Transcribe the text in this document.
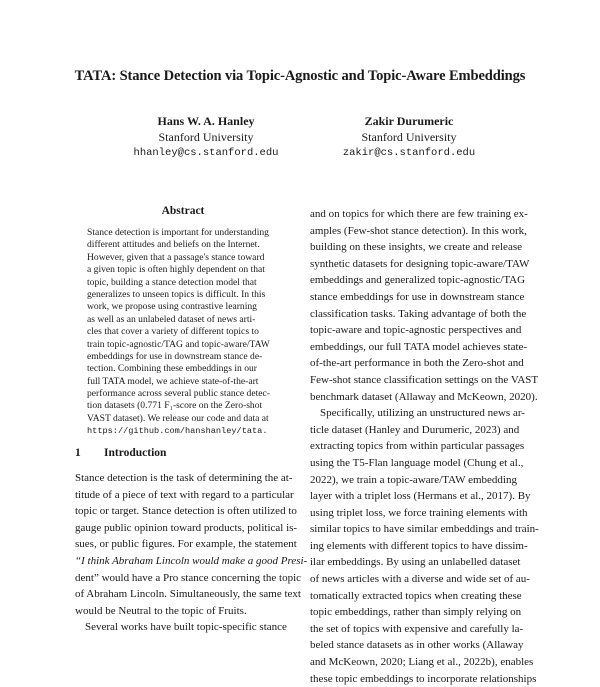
TATA: Stance Detection via Topic-Agnostic and Topic-Aware Embeddings
Hans W. A. Hanley
Stanford University
hhanley@cs.stanford.edu
Zakir Durumeric
Stanford University
zakir@cs.stanford.edu
Abstract
Stance detection is important for understanding
different attitudes and beliefs on the Internet.
However, given that a passage's stance toward
a given topic is often highly dependent on that
topic, building a stance detection model that
generalizes to unseen topics is difficult. In this
work, we propose using contrastive learning
as well as an unlabeled dataset of news arti-
cles that cover a variety of different topics to
train topic-agnostic/TAG and topic-aware/TAW
embeddings for use in downstream stance de-
tection. Combining these embeddings in our
full TATA model, we achieve state-of-the-art
performance across several public stance detec-
tion datasets (0.771 F₁-score on the Zero-shot
VAST dataset). We release our code and data at
https://github.com/hanshanley/tata.
1 Introduction
Stance detection is the task of determining the at-
titude of a piece of text with regard to a particular
topic or target. Stance detection is often utilized to
gauge public opinion toward products, political is-
sues, or public figures. For example, the statement
“I think Abraham Lincoln would make a good Presi-
dent” would have a Pro stance concerning the topic
of Abraham Lincoln. Simultaneously, the same text
would be Neutral to the topic of Fruits.
Several works have built topic-specific stance
and on topics for which there are few training ex-
amples (Few-shot stance detection). In this work,
building on these insights, we create and release
synthetic datasets for designing topic-aware/TAW
embeddings and generalized topic-agnostic/TAG
stance embeddings for use in downstream stance
classification tasks. Taking advantage of both the
topic-aware and topic-agnostic perspectives and
embeddings, our full TATA model achieves state-
of-the-art performance in both the Zero-shot and
Few-shot stance classification settings on the VAST
benchmark dataset (Allaway and McKeown, 2020).
Specifically, utilizing an unstructured news ar-
ticle dataset (Hanley and Durumeric, 2023) and
extracting topics from within particular passages
using the T5-Flan language model (Chung et al.,
2022), we train a topic-aware/TAW embedding
layer with a triplet loss (Hermans et al., 2017). By
using triplet loss, we force training elements with
similar topics to have similar embeddings and train-
ing elements with different topics to have dissim-
ilar embeddings. By using an unlabelled dataset
of news articles with a diverse and wide set of au-
tomatically extracted topics when creating these
topic embeddings, rather than simply relying on
the set of topics with expensive and carefully la-
beled stance datasets as in other works (Allaway
and McKeown, 2020; Liang et al., 2022b), enables
these topic embeddings to incorporate relationships
